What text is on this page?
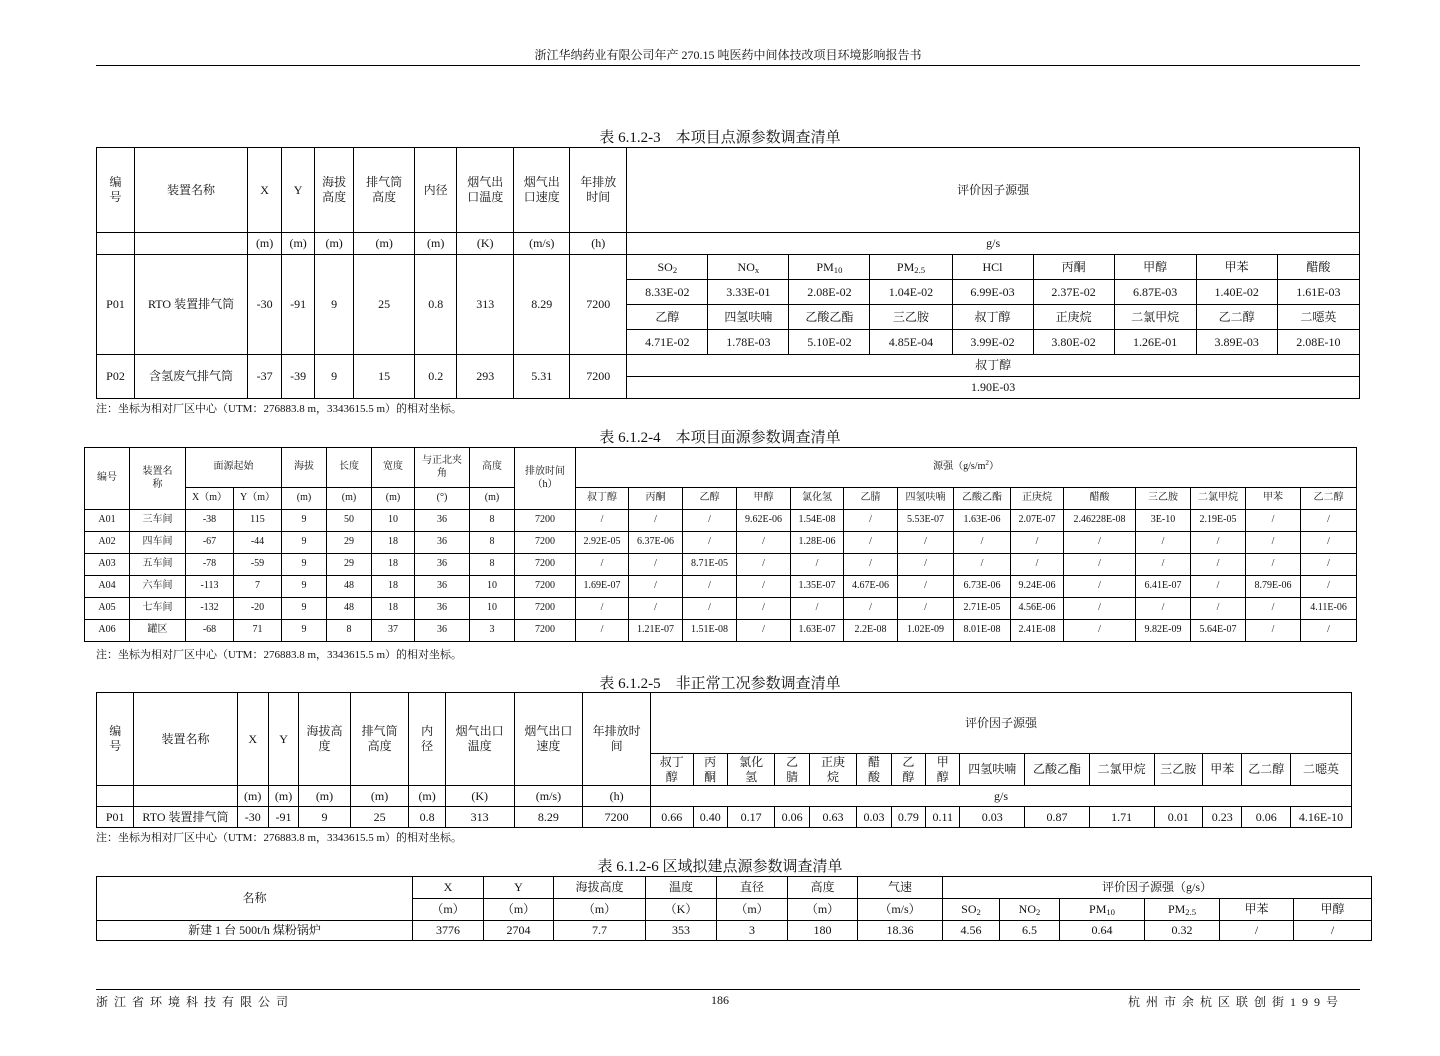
浙江华纳药业有限公司年产 270.15 吨医药中间体技改项目环境影响报告书
表 6.1.2-3　本项目点源参数调查清单
编号	装置名称	X	Y	海拔高度	排气筒高度	内径	烟气出口温度	烟气出口速度	年排放时间	评价因子源强								
		(m)	(m)	(m)	(m)	(m)	(K)	(m/s)	(h)	g/s								
P01	RTO 装置排气筒	-30	-91	9	25	0.8	313	8.29	7200	$SO_2$	$NO_x$	$PM_{10}$	$PM_{2.5}$	HCl	丙酮	甲醇	甲苯	醋酸
										8.33E-02	3.33E-01	2.08E-02	1.04E-02	6.99E-03	2.37E-02	6.87E-03	1.40E-02	1.61E-03
										乙醇	四氢呋喃	乙酸乙酯	三乙胺	叔丁醇	正庚烷	二氯甲烷	乙二醇	二噁英
										4.71E-02	1.78E-03	5.10E-02	4.85E-04	3.99E-02	3.80E-02	1.26E-01	3.89E-03	2.08E-10
P02	含氢废气排气筒	-37	-39	9	15	0.2	293	5.31	7200	叔丁醇								
										1.90E-03								
注：坐标为相对厂区中心（UTM：276883.8 m，3343615.5 m）的相对坐标。
表 6.1.2-4　本项目面源参数调查清单
编号	装置名称	面源起始		海拔	长度	宽度	与正北夹角	高度	排放时间（h）	源强$(g/s/m^2)$													
		X（m）	Y（m）	(m)	(m)	(m)	(°)	(m)		叔丁醇	丙酮	乙醇	甲醇	氯化氢	乙腈	四氢呋喃	乙酸乙酯	正庚烷	醋酸	三乙胺	二氯甲烷	甲苯	乙二醇
A01	三车间	-38	115	9	50	10	36	8	7200	/	/	/	9.62E-06	1.54E-08	/	5.53E-07	1.63E-06	2.07E-07	2.46228E-08	3E-10	2.19E-05	/	/
A02	四车间	-67	-44	9	29	18	36	8	7200	2.92E-05	6.37E-06	/	/	1.28E-06	/	/	/	/	/	/	/	/	/
A03	五车间	-78	-59	9	29	18	36	8	7200	/	/	8.71E-05	/	/	/	/	/	/	/	/	/	/	/
A04	六车间	-113	7	9	48	18	36	10	7200	1.69E-07	/	/	/	1.35E-07	4.67E-06	/	6.73E-06	9.24E-06	/	6.41E-07	/	8.79E-06	/
A05	七车间	-132	-20	9	48	18	36	10	7200	/	/	/	/	/	/	/	2.71E-05	4.56E-06	/	/	/	/	4.11E-06
A06	罐区	-68	71	9	8	37	36	3	7200	/	1.21E-07	1.51E-08	/	1.63E-07	2.2E-08	1.02E-09	8.01E-08	2.41E-08	/	9.82E-09	5.64E-07	/	/
注：坐标为相对厂区中心（UTM：276883.8 m，3343615.5 m）的相对坐标。
表 6.1.2-5　非正常工况参数调查清单
编号	装置名称	X	Y	海拔高度	排气筒高度	内径	烟气出口温度	烟气出口速度	年排放时间	评价因子源强														
										叔丁醇	丙酮	氯化氢	乙腈	正庚烷	醋酸	乙醇	甲醇	四氢呋喃	乙酸乙酯	二氯甲烷	三乙胺	甲苯	乙二醇	二噁英
		(m)	(m)	(m)	(m)	(m)	(K)	(m/s)	(h)	g/s														
P01	RTO 装置排气筒	-30	-91	9	25	0.8	313	8.29	7200	0.66	0.40	0.17	0.06	0.63	0.03	0.79	0.11	0.03	0.87	1.71	0.01	0.23	0.06	4.16E-10
注：坐标为相对厂区中心（UTM：276883.8 m，3343615.5 m）的相对坐标。
表 6.1.2-6 区域拟建点源参数调查清单
名称	X	Y	海拔高度	温度	直径	高度	气速	评价因子源强（g/s）					
	（m）	（m）	（m）	（K）	（m）	（m）	（m/s）	$SO_2$	$NO_2$	$PM_{10}$	$PM_{2.5}$	甲苯	甲醇
新建 1 台 500t/h 煤粉锅炉	3776	2704	7.7	353	3	180	18.36	4.56	6.5	0.64	0.32	/	/
浙江省环境科技有限公司	186	杭州市余杭区联创街199号
